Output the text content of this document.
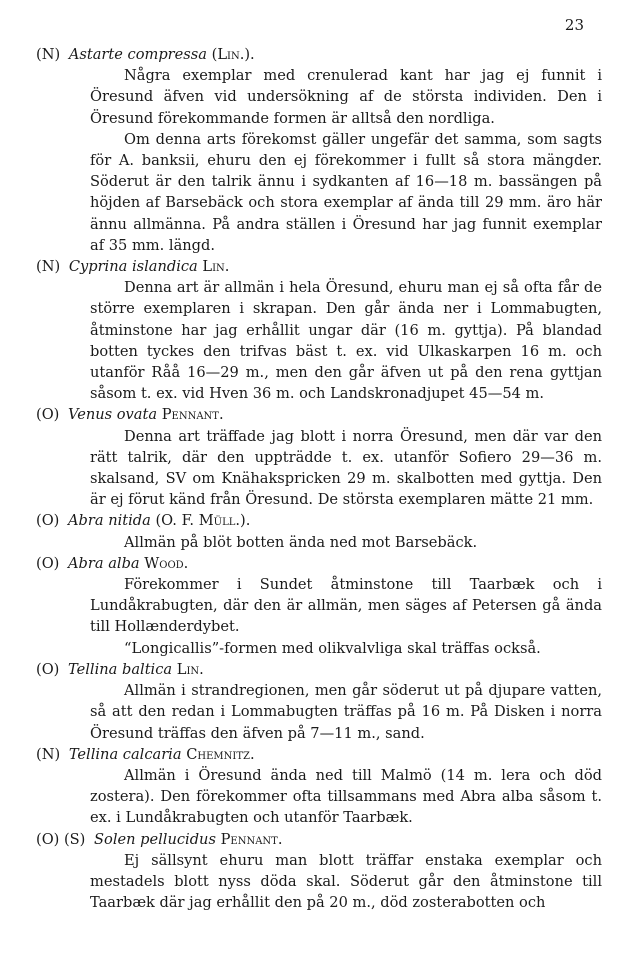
23

(N) Astarte compressa (Lin.).

Några exemplar med crenulerad kant har jag ej funnit i Öresund äfven vid undersökning af de största individen. Den i Öresund förekommande formen är alltså den nordliga.

Om denna arts förekomst gäller ungefär det samma, som sagts för A. banksii, ehuru den ej förekommer i fullt så stora mängder. Söderut är den talrik ännu i sydkanten af 16—18 m. bassängen på höjden af Barsebäck och stora exemplar af ända till 29 mm. äro här ännu allmänna. På andra ställen i Öresund har jag funnit exemplar af 35 mm. längd.

(N) Cyprina islandica Lin.

Denna art är allmän i hela Öresund, ehuru man ej så ofta får de större exemplaren i skrapan. Den går ända ner i Lommabugten, åtminstone har jag erhållit ungar där (16 m. gyttja). På blandad botten tyckes den trifvas bäst t. ex. vid Ulkaskarpen 16 m. och utanför Råå 16—29 m., men den går äfven ut på den rena gyttjan såsom t. ex. vid Hven 36 m. och Landskronadjupet 45—54 m.

(O) Venus ovata Pennant.

Denna art träffade jag blott i norra Öresund, men där var den rätt talrik, där den uppträdde t. ex. utanför Sofiero 29—36 m. skalsand, SV om Knähakspricken 29 m. skalbotten med gyttja. Den är ej förut känd från Öresund. De största exemplaren mätte 21 mm.

(O) Abra nitida (O. F. Müll.).

Allmän på blöt botten ända ned mot Barsebäck.

(O) Abra alba Wood.

Förekommer i Sundet åtminstone till Taarbæk och i Lundåkrabugten, där den är allmän, men säges af Petersen gå ända till Hollænderdybet.

“Longicallis”-formen med olikvalvliga skal träffas också.

(O) Tellina baltica Lin.

Allmän i strandregionen, men går söderut ut på djupare vatten, så att den redan i Lommabugten träffas på 16 m. På Disken i norra Öresund träffas den äfven på 7—11 m., sand.

(N) Tellina calcaria Chemnitz.

Allmän i Öresund ända ned till Malmö (14 m. lera och död zostera). Den förekommer ofta tillsammans med Abra alba såsom t. ex. i Lundåkrabugten och utanför Taarbæk.

(O) (S) Solen pellucidus Pennant.

Ej sällsynt ehuru man blott träffar enstaka exemplar och mestadels blott nyss döda skal. Söderut går den åtminstone till Taarbæk där jag erhållit den på 20 m., död zosterabotten och
